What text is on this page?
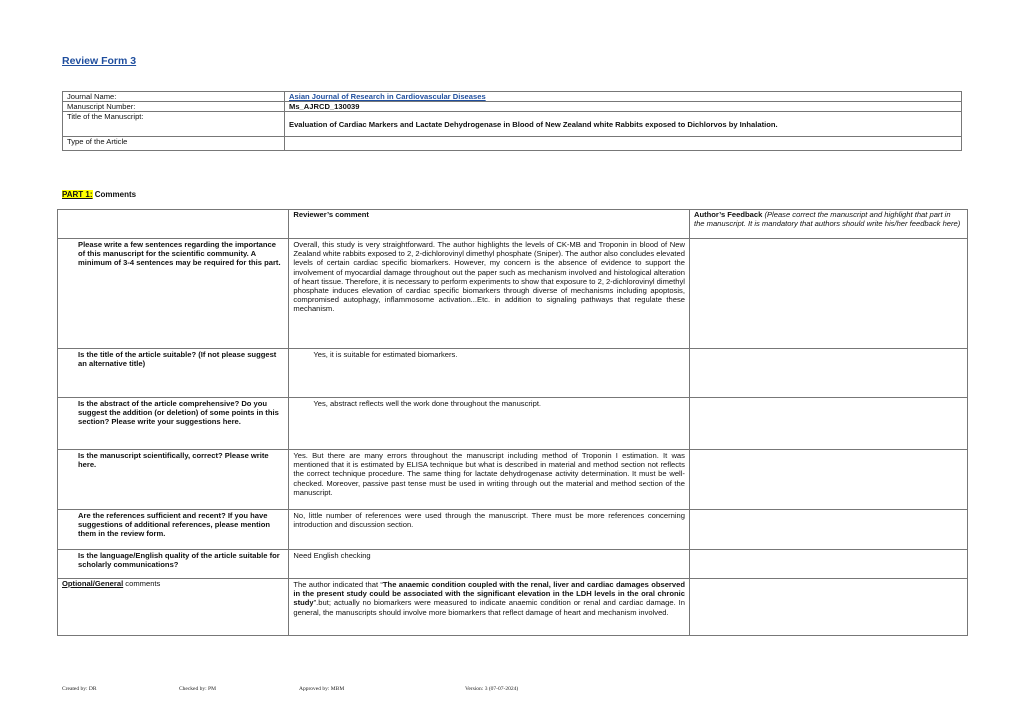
Review Form 3
Journal Name:	Asian Journal of Research in Cardiovascular Diseases
Manuscript Number:	Ms_AJRCD_130039
Title of the Manuscript:	Evaluation of Cardiac Markers and Lactate Dehydrogenase in Blood of New Zealand white Rabbits exposed to Dichlorvos by Inhalation.
Type of the Article	
PART 1: Comments
	Reviewer’s comment	Author’s Feedback (Please correct the manuscript and highlight that part in the manuscript. It is mandatory that authors should write his/her feedback here)
Please write a few sentences regarding the importance of this manuscript for the scientific community. A minimum of 3-4 sentences may be required for this part.	Overall, this study is very straightforward. The author highlights the levels of CK-MB and Troponin in blood of New Zealand white rabbits exposed to 2, 2-dichlorovinyl dimethyl phosphate (Sniper). The author also concludes elevated levels of certain cardiac specific biomarkers. However, my concern is the absence of evidence to support the involvement of myocardial damage throughout out the paper such as mechanism involved and histological alteration of heart tissue. Therefore, it is necessary to perform experiments to show that exposure to 2, 2-dichlorovinyl dimethyl phosphate induces elevation of cardiac specific biomarkers through diverse of mechanisms including apoptosis, compromised autophagy, inflammosome activation...Etc. in addition to signaling pathways that regulate these mechanism.	
Is the title of the article suitable? (If not please suggest an alternative title)	Yes, it is suitable for estimated biomarkers.	

Is the abstract of the article comprehensive? Do you suggest the addition (or deletion) of some points in this section? Please write your suggestions here.	Yes, abstract reflects well the work done throughout the manuscript.	

Is the manuscript scientifically, correct? Please write here.	Yes. But there are many errors throughout the manuscript including method of Troponin I estimation. It was mentioned that it is estimated by ELISA technique but what is described in material and method section not reflects the correct technique procedure. The same thing for lactate dehydrogenase activity determination. It must be well-checked. Moreover, passive past tense must be used in writing through out the material and method section of the manuscript.	
Are the references sufficient and recent? If you have suggestions of additional references, please mention them in the review form.	No, little number of references were used through the manuscript. There must be more references concerning introduction and discussion section.	
Is the language/English quality of the article suitable for scholarly communications?	Need English checking	
Optional/General comments	The author indicated that “The anaemic condition coupled with the renal, liver and cardiac damages observed in the present study could be associated with the significant elevation in the LDH levels in the oral chronic study”.but; actually no biomarkers were measured to indicate anaemic condition or renal and cardiac damage. In general, the manuscripts should involve more biomarkers that reflect damage of heart and mechanism involved.	
Created by: DR	Checked by: PM	Approved by: MBM	Version: 3 (07-07-2024)
